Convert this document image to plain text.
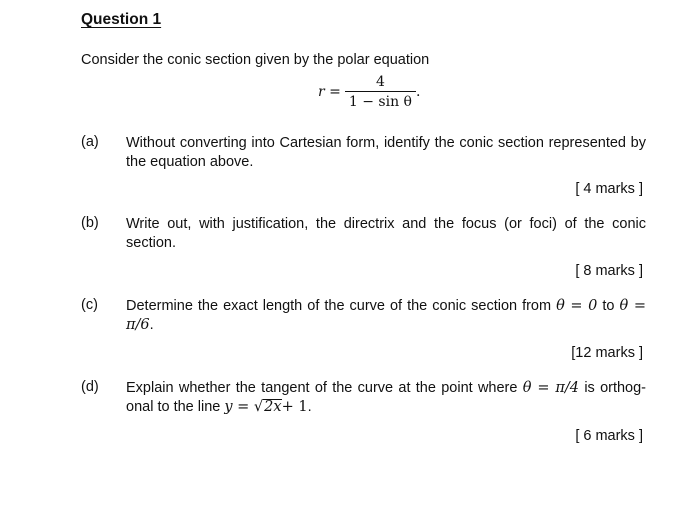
Question 1
Consider the conic section given by the polar equation
$r = \frac{4}{\text{1 − sin θ}}$ .
(a) Without converting into Cartesian form, identify the conic section represented by the equation above.
[ 4 marks ]
(b) Write out, with justification, the directrix and the focus (or foci) of the conic section.
[ 8 marks ]
(c) Determine the exact length of the curve of the conic section from θ = 0 to θ = π/6.
[12 marks ]
(d) Explain whether the tangent of the curve at the point where θ = π/4 is orthog- onal to the line y = √2x+ 1.
[ 6 marks ]
